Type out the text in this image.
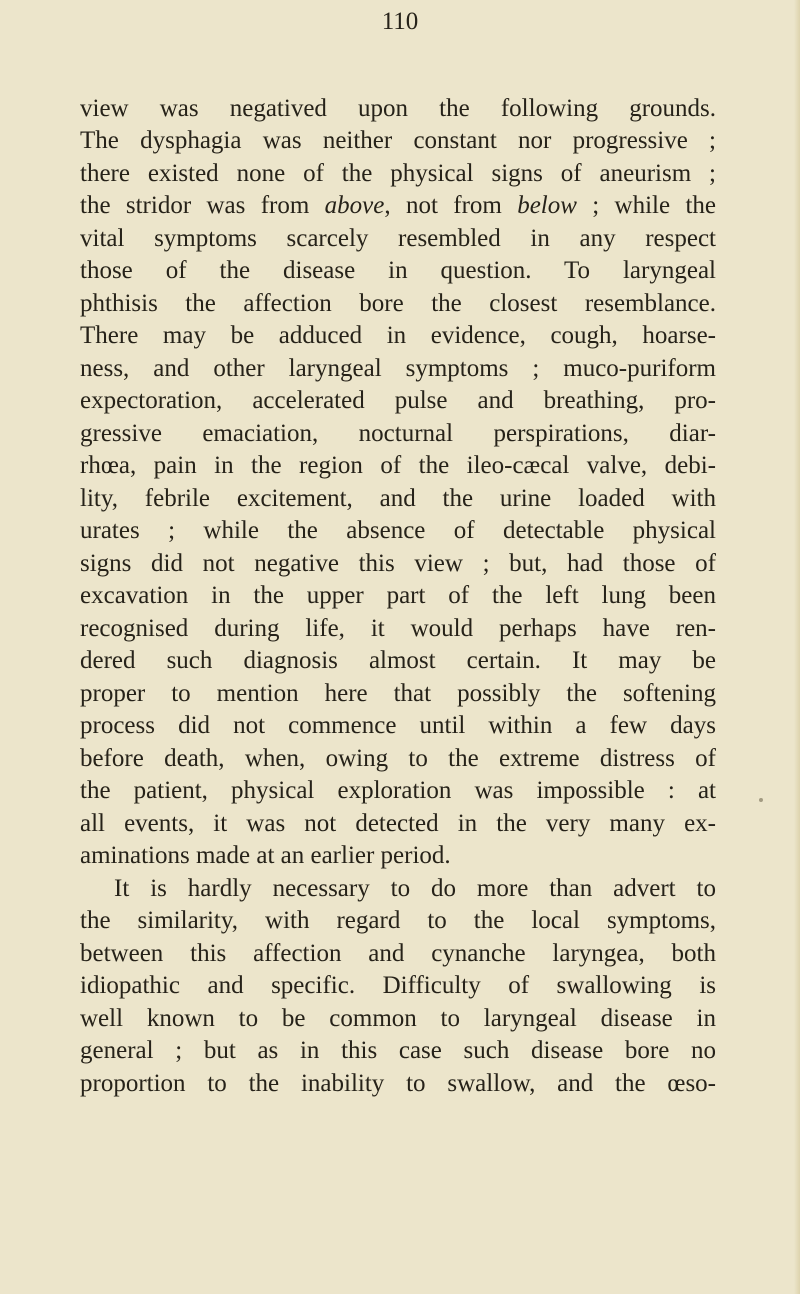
110
view was negatived upon the following grounds.
The dysphagia was neither constant nor progressive ;
there existed none of the physical signs of aneurism ;
the stridor was from above, not from below ; while the
vital symptoms scarcely resembled in any respect
those of the disease in question. To laryngeal
phthisis the affection bore the closest resemblance.
There may be adduced in evidence, cough, hoarse-
ness, and other laryngeal symptoms ; muco-puriform
expectoration, accelerated pulse and breathing, pro-
gressive emaciation, nocturnal perspirations, diar-
rhœa, pain in the region of the ileo-cæcal valve, debi-
lity, febrile excitement, and the urine loaded with
urates ; while the absence of detectable physical
signs did not negative this view ; but, had those of
excavation in the upper part of the left lung been
recognised during life, it would perhaps have ren-
dered such diagnosis almost certain. It may be
proper to mention here that possibly the softening
process did not commence until within a few days
before death, when, owing to the extreme distress of
the patient, physical exploration was impossible : at
all events, it was not detected in the very many ex-
aminations made at an earlier period.
It is hardly necessary to do more than advert to
the similarity, with regard to the local symptoms,
between this affection and cynanche laryngea, both
idiopathic and specific. Difficulty of swallowing is
well known to be common to laryngeal disease in
general ; but as in this case such disease bore no
proportion to the inability to swallow, and the œso-
